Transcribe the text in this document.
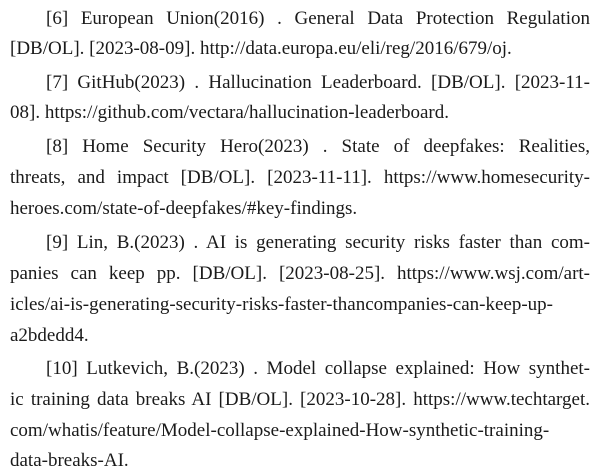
[6] European Union(2016) . General Data Protection Regulation
[DB/OL]. [2023-08-09]. http://data.europa.eu/eli/reg/2016/679/oj.
[7] GitHub(2023) . Hallucination Leaderboard. [DB/OL]. [2023-11-
08]. https://github.com/vectara/hallucination-leaderboard.
[8] Home Security Hero(2023) . State of deepfakes: Realities,
threats, and impact [DB/OL]. [2023-11-11]. https://www.homesecurity-
heroes.com/state-of-deepfakes/#key-findings.
[9] Lin, B.(2023) . AI is generating security risks faster than com-
panies can keep pp. [DB/OL]. [2023-08-25]. https://www.wsj.com/art-
icles/ai-is-generating-security-risks-faster-thancompanies-can-keep-up-
a2bdedd4.
[10] Lutkevich, B.(2023) . Model collapse explained: How synthet-
ic training data breaks AI [DB/OL]. [2023-10-28]. https://www.techtarget.
com/whatis/feature/Model-collapse-explained-How-synthetic-training-
data-breaks-AI.
